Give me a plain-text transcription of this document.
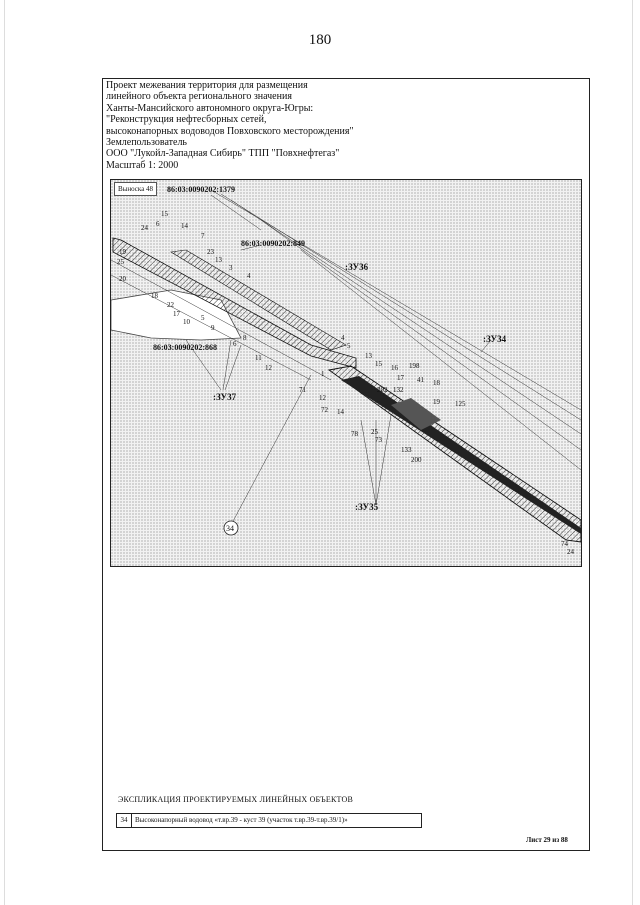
180
Проект межевания территория для размещения
линейного объекта регионального значения
Ханты-Мансийского автономного округа-Югры:
"Реконструкция нефтесборных сетей,
высоконапорных водоводов Повховского месторождения"
Землепользователь
ООО "Лукойл-Западная Сибирь" ТПП "Повхнефтегаз"
Масштаб 1: 2000
86:03:0090202:1379
86:03:0090202:849
86:03:0090202:868
:ЗУ36
:ЗУ34
:ЗУ37
:ЗУ35
34
15
24 6	14
7
19
25
20
23
13
3
4
18
22
17
10 5
9
6
8
11
12
4
5
13
15 16 198
17 41 18
19 125
71
1
12
72 14
202 132
78 25
73
133
200
74
24
Выноска 48
ЭКСПЛИКАЦИЯ ПРОЕКТИРУЕМЫХ ЛИНЕЙНЫХ ОБЪЕКТОВ
34	Высоконапорный водовод «т.вр.39 - куст 39 (участок т.вр.39-т.вр.39/1)»
Лист 29 из 88
